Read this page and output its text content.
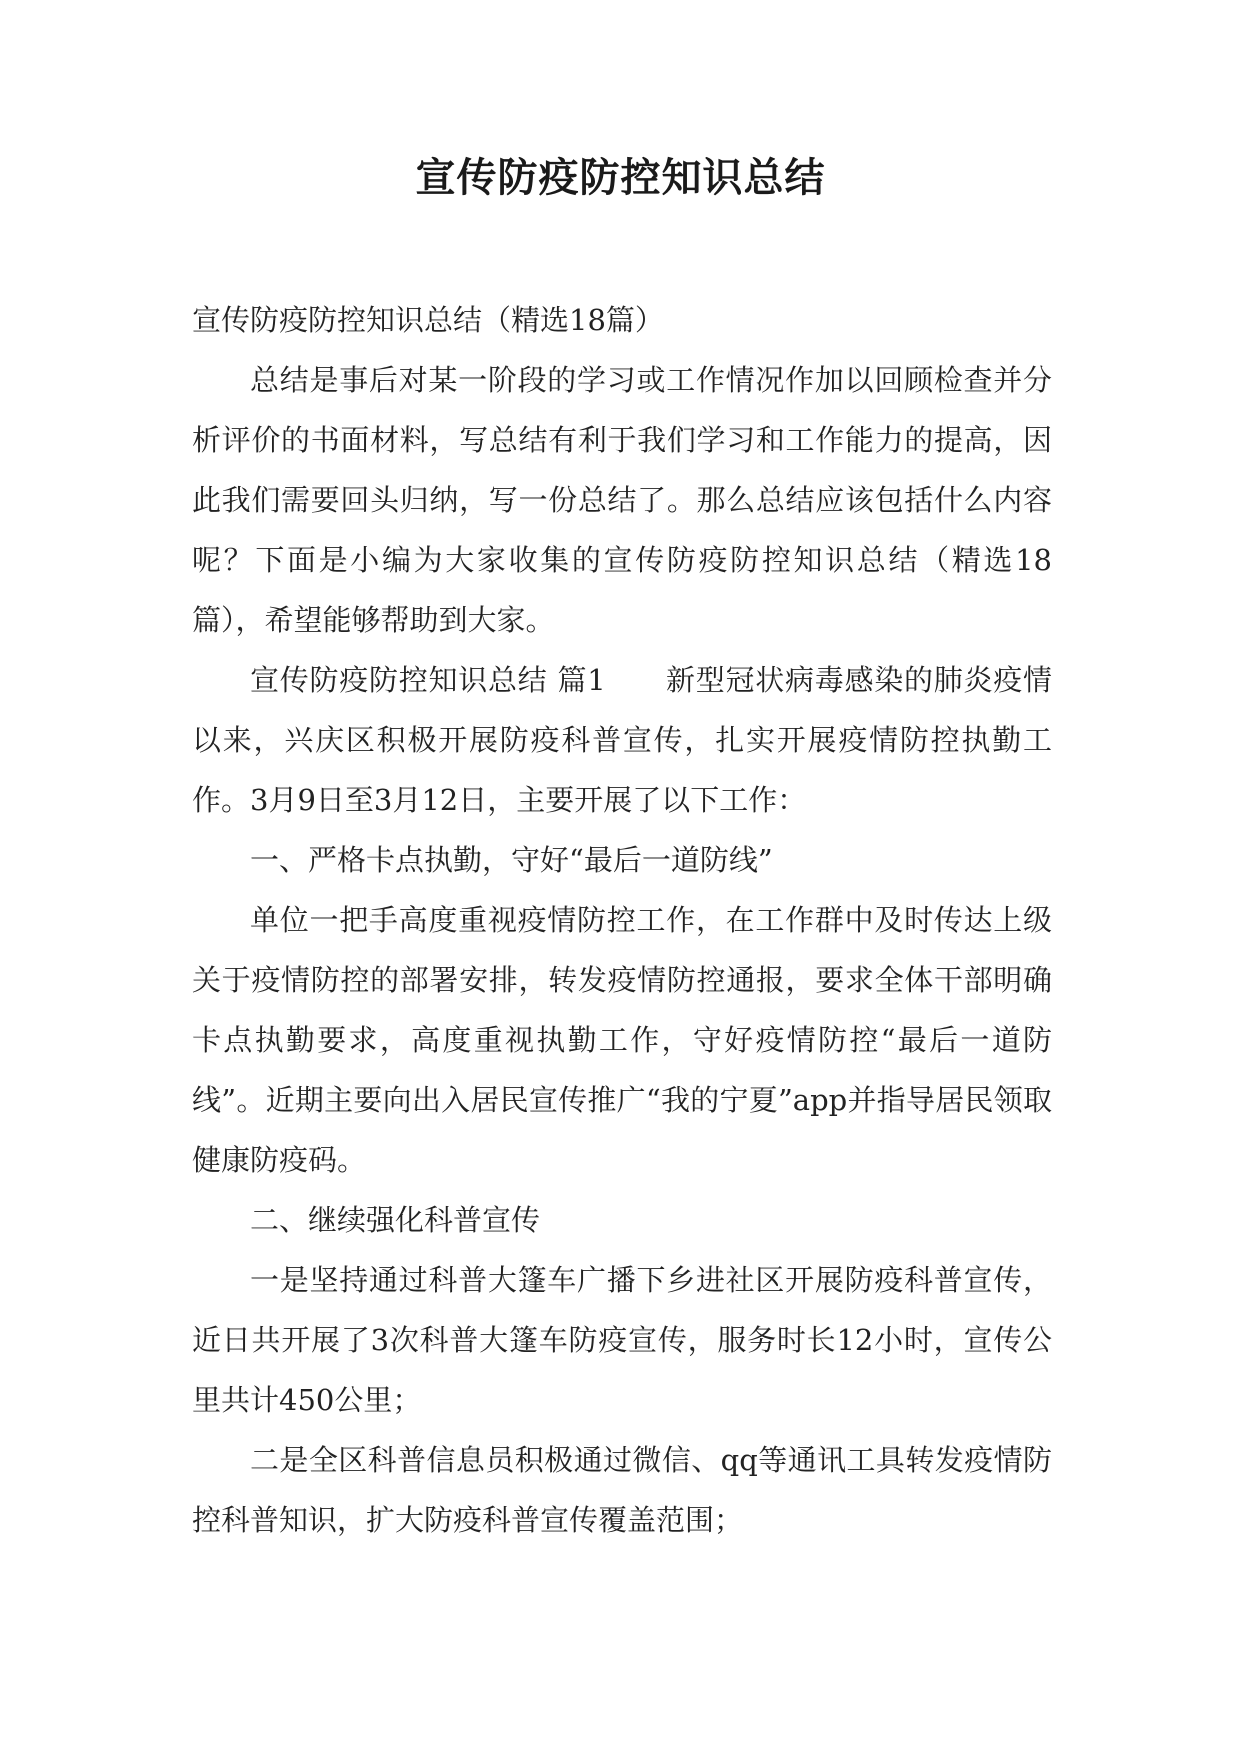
宣传防疫防控知识总结

宣传防疫防控知识总结（精选18篇）

总结是事后对某一阶段的学习或工作情况作加以回顾检查并分析评价的书面材料，写总结有利于我们学习和工作能力的提高，因此我们需要回头归纳，写一份总结了。那么总结应该包括什么内容呢？下面是小编为大家收集的宣传防疫防控知识总结（精选18篇），希望能够帮助到大家。

宣传防疫防控知识总结 篇1　　新型冠状病毒感染的肺炎疫情以来，兴庆区积极开展防疫科普宣传，扎实开展疫情防控执勤工作。3月9日至3月12日，主要开展了以下工作：

一、严格卡点执勤，守好“最后一道防线”

单位一把手高度重视疫情防控工作，在工作群中及时传达上级关于疫情防控的部署安排，转发疫情防控通报，要求全体干部明确卡点执勤要求，高度重视执勤工作，守好疫情防控“最后一道防线”。近期主要向出入居民宣传推广“我的宁夏”app并指导居民领取健康防疫码。

二、继续强化科普宣传

一是坚持通过科普大篷车广播下乡进社区开展防疫科普宣传，近日共开展了3次科普大篷车防疫宣传，服务时长12小时，宣传公里共计450公里；

二是全区科普信息员积极通过微信、qq等通讯工具转发疫情防控科普知识，扩大防疫科普宣传覆盖范围；
